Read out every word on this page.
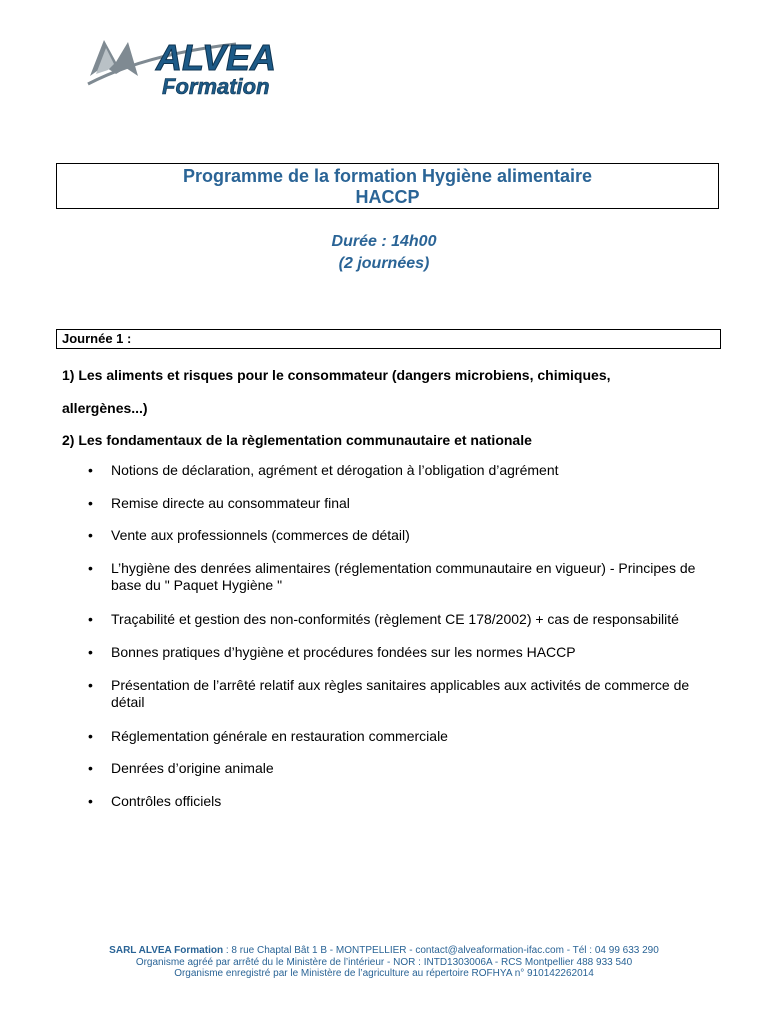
ALVEA
Formation
Programme de la formation Hygiène alimentaire
HACCP
Durée : 14h00
(2 journées)
Journée 1 :
1) Les aliments et risques pour le consommateur (dangers microbiens, chimiques,
allergènes...)
2) Les fondamentaux de la règlementation communautaire et nationale
• Notions de déclaration, agrément et dérogation à l’obligation d’agrément
• Remise directe au consommateur final
• Vente aux professionnels (commerces de détail)
• L’hygiène des denrées alimentaires (réglementation communautaire en vigueur) - Principes de base du " Paquet Hygiène "
• Traçabilité et gestion des non-conformités (règlement CE 178/2002) + cas de responsabilité
• Bonnes pratiques d’hygiène et procédures fondées sur les normes HACCP
• Présentation de l’arrêté relatif aux règles sanitaires applicables aux activités de commerce de détail
• Réglementation générale en restauration commerciale
• Denrées d’origine animale
• Contrôles officiels
SARL ALVEA Formation : 8 rue Chaptal Bât 1 B - MONTPELLIER - contact@alveaformation-ifac.com - Tél : 04 99 633 290
Organisme agréé par arrêté du le Ministère de l’intérieur - NOR : INTD1303006A - RCS Montpellier 488 933 540
Organisme enregistré par le Ministère de l’agriculture au répertoire ROFHYA n° 910142262014
